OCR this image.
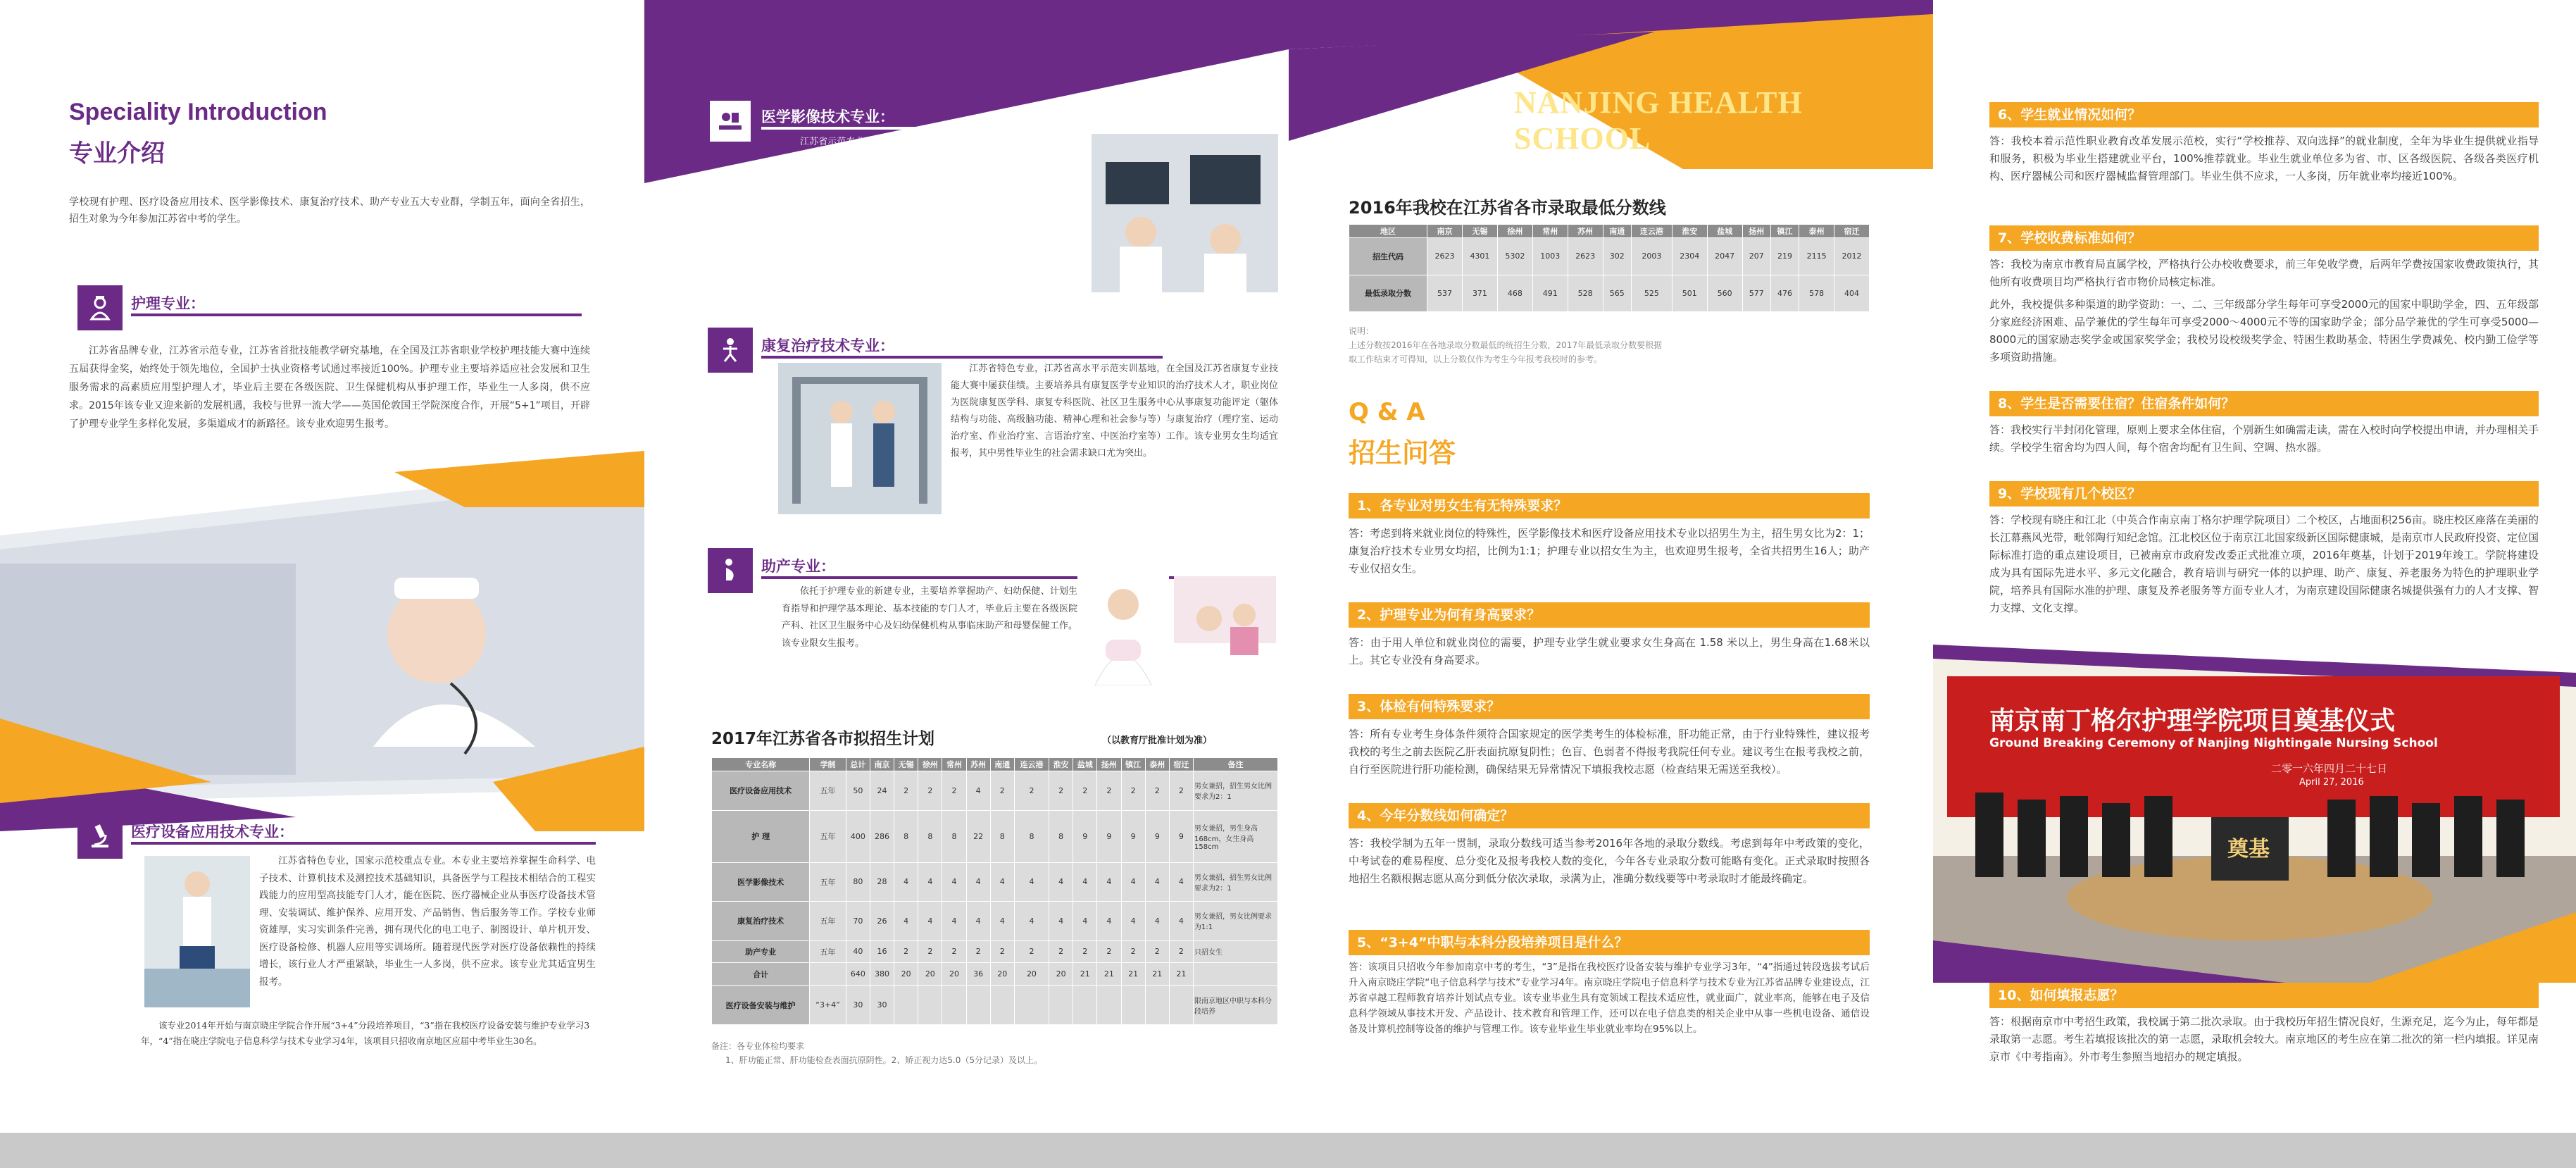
Speciality Introduction
专业介绍
学校现有护理、医疗设备应用技术、医学影像技术、康复治疗技术、助产专业五大专业群，学制五年，面向全省招生，招生对象为今年参加江苏省中考的学生。
护理专业：
江苏省品牌专业，江苏省示范专业，江苏省首批技能教学研究基地，在全国及江苏省职业学校护理技能大赛中连续五届获得金奖，始终处于领先地位，全国护士执业资格考试通过率接近100%。护理专业主要培养适应社会发展和卫生服务需求的高素质应用型护理人才，毕业后主要在各级医院、卫生保健机构从事护理工作，毕业生一人多岗，供不应求。2015年该专业又迎来新的发展机遇，我校与世界一流大学——英国伦敦国王学院深度合作，开展“5+1”项目，开辟了护理专业学生多样化发展，多渠道成才的新路径。该专业欢迎男生报考。
医疗设备应用技术专业：
江苏省特色专业，国家示范校重点专业。本专业主要培养掌握生命科学、电子技术、计算机技术及测控技术基础知识，具备医学与工程技术相结合的工程实践能力的应用型高技能专门人才，能在医院、医疗器械企业从事医疗设备技术管理、安装调试、维护保养、应用开发、产品销售、售后服务等工作。学校专业师资雄厚，实习实训条件完善，拥有现代化的电工电子、制图设计、单片机开发、医疗设备检修、机器人应用等实训场所。随着现代医学对医疗设备依赖性的持续增长，该行业人才严重紧缺，毕业生一人多岗，供不应求。该专业尤其适宜男生报考。
该专业2014年开始与南京晓庄学院合作开展“3+4”分段培养项目，“3”指在我校医疗设备安装与维护专业学习3年，“4”指在晓庄学院电子信息科学与技术专业学习4年，该项目只招收南京地区应届中考毕业生30名。
医学影像技术专业：
江苏省示范专业，江苏省特色专业，在全国及江苏省医学影像专业技能大赛中屡获佳绩。主要培养具有医学影像技术专业知识的卫生技术人才。职业岗位为医院影像科（放射科、CT室等）从事医学影像的形成与处理工作，影像设备（如X线机、CT装置、磁共振装置等）操作及维护管理工作；医院放疗科从事放射治疗技术工作；医疗器械公司从事医疗设备技术咨询、营销维护等技术工作。该专业尤其适宜男生报考。
康复治疗技术专业：
江苏省特色专业，江苏省高水平示范实训基地，在全国及江苏省康复专业技能大赛中屡获佳绩。主要培养具有康复医学专业知识的治疗技术人才，职业岗位为医院康复医学科、康复专科医院、社区卫生服务中心从事康复功能评定（躯体结构与功能、高级脑功能、精神心理和社会参与等）与康复治疗（理疗室、运动治疗室、作业治疗室、言语治疗室、中医治疗室等）工作。该专业男女生均适宜报考，其中男性毕业生的社会需求缺口尤为突出。
助产专业：
依托于护理专业的新建专业，主要培养掌握助产、妇幼保健、计划生育指导和护理学基本理论、基本技能的专门人才，毕业后主要在各级医院产科、社区卫生服务中心及妇幼保健机构从事临床助产和母婴保健工作。该专业限女生报考。
2017年江苏省各市拟招生计划	（以教育厅批准计划为准）
专业名称	学制	总计	南京	无锡	徐州	常州	苏州	南通	连云港	淮安	盐城	扬州	镇江	泰州	宿迁	备注
医疗设备应用技术	五年	50	24	2	2	2	4	2	2	2	2	2	2	2	2	男女兼招，招生男女比例要求为2：1
护 理	五年	400	286	8	8	8	22	8	8	8	9	9	9	9	9	男女兼招，男生身高168cm，女生身高158cm
医学影像技术	五年	80	28	4	4	4	4	4	4	4	4	4	4	4	4	男女兼招，招生男女比例要求为2：1
康复治疗技术	五年	70	26	4	4	4	4	4	4	4	4	4	4	4	4	男女兼招，男女比例要求为1:1
助产专业	五年	40	16	2	2	2	2	2	2	2	2	2	2	2	2	只招女生
合计		640	380	20	20	20	36	20	20	20	21	21	21	21	21	
医疗设备安装与维护	“3+4”	30	30													限南京地区中职与本科分段培养
备注：各专业体检均要求
1、肝功能正常、肝功能检查表面抗原阴性。2、矫正视力达5.0（5分记录）及以上。
NANJING HEALTH SCHOOL
2016年我校在江苏省各市录取最低分数线
地区	南京	无锡	徐州	常州	苏州	南通	连云港	淮安	盐城	扬州	镇江	泰州	宿迁
招生代码	2623	4301	5302	1003	2623	302	2003	2304	2047	207	219	2115	2012
最低录取分数	537	371	468	491	528	565	525	501	560	577	476	578	404
说明：
上述分数按2016年在各地录取分数最低的统招生分数，2017年最低录取分数要根据
取工作结束才可得知，以上分数仅作为考生今年报考我校时的参考。
Q & A
招生问答
1、各专业对男女生有无特殊要求？
答：考虑到将来就业岗位的特殊性，医学影像技术和医疗设备应用技术专业以招男生为主，招生男女比为2：1；康复治疗技术专业男女均招，比例为1:1；护理专业以招女生为主，也欢迎男生报考，全省共招男生16人；助产专业仅招女生。
2、护理专业为何有身高要求？
答：由于用人单位和就业岗位的需要，护理专业学生就业要求女生身高在 1.58 米以上，男生身高在1.68米以上。其它专业没有身高要求。
3、体检有何特殊要求？
答：所有专业考生身体条件须符合国家规定的医学类考生的体检标准，肝功能正常，由于行业特殊性，建议报考我校的考生之前去医院乙肝表面抗原复阴性；色盲、色弱者不得报考我院任何专业。建议考生在报考我校之前，自行至医院进行肝功能检测，确保结果无异常情况下填报我校志愿（检查结果无需送至我校）。
4、今年分数线如何确定？
答：我校学制为五年一贯制，录取分数线可适当参考2016年各地的录取分数线。考虑到每年中考政策的变化，中考试卷的难易程度、总分变化及报考我校人数的变化，今年各专业录取分数可能略有变化。正式录取时按照各地招生名额根据志愿从高分到低分依次录取，录满为止，准确分数线要等中考录取时才能最终确定。
5、“3+4”中职与本科分段培养项目是什么？
答：该项目只招收今年参加南京中考的考生，“3”是指在我校医疗设备安装与维护专业学习3年，“4”指通过转段选拔考试后升入南京晓庄学院“电子信息科学与技术”专业学习4年。南京晓庄学院电子信息科学与技术专业为江苏省品牌专业建设点，江苏省卓越工程师教育培养计划试点专业。该专业毕业生具有宽领域工程技术适应性，就业面广，就业率高，能够在电子及信息科学领域从事技术开发、产品设计、技术教育和管理工作，还可以在电子信息类的相关企业中从事一些机电设备、通信设备及计算机控制等设备的维护与管理工作。该专业毕业生毕业就业率均在95%以上。
6、学生就业情况如何？
答：我校本着示范性职业教育改革发展示范校，实行“学校推荐、双向选择”的就业制度，全年为毕业生提供就业指导和服务，积极为毕业生搭建就业平台，100%推荐就业。毕业生就业单位多为省、市、区各级医院、各级各类医疗机构、医疗器械公司和医疗器械监督管理部门。毕业生供不应求，一人多岗，历年就业率均接近100%。
7、学校收费标准如何？
答：我校为南京市教育局直属学校，严格执行公办校收费要求，前三年免收学费，后两年学费按国家收费政策执行，其他所有收费项目均严格执行省市物价局核定标准。
此外，我校提供多种渠道的助学资助：一、二、三年级部分学生每年可享受2000元的国家中职助学金，四、五年级部分家庭经济困难、品学兼优的学生每年可享受2000～4000元不等的国家助学金；部分品学兼优的学生可享受5000—8000元的国家励志奖学金或国家奖学金；我校另设校级奖学金、特困生救助基金、特困生学费减免、校内勤工俭学等多项资助措施。
8、学生是否需要住宿？住宿条件如何？
答：我校实行半封闭化管理，原则上要求全体住宿，个别新生如确需走读，需在入校时向学校提出申请，并办理相关手续。学校学生宿舍均为四人间，每个宿舍均配有卫生间、空调、热水器。
9、学校现有几个校区？
答：学校现有晓庄和江北（中英合作南京南丁格尔护理学院项目）二个校区，占地面积256亩。晓庄校区座落在美丽的长江幕燕风光带，毗邻陶行知纪念馆。江北校区位于南京江北国家级新区国际健康城，是南京市人民政府投资、定位国际标准打造的重点建设项目，已被南京市政府发改委正式批准立项，2016年奠基，计划于2019年竣工。学院将建设成为具有国际先进水平、多元文化融合，教育培训与研究一体的以护理、助产、康复、养老服务为特色的护理职业学院，培养具有国际水准的护理、康复及养老服务等方面专业人才，为南京建设国际健康名城提供强有力的人才支撑、智力支撑、文化支撑。
南京南丁格尔护理学院项目奠基仪式
Ground Breaking Ceremony of Nanjing Nightingale Nursing School
二零一六年四月二十七日
April 27, 2016
奠基
10、如何填报志愿？
答：根据南京市中考招生政策，我校属于第二批次录取。由于我校历年招生情况良好，生源充足，迄今为止，每年都是录取第一志愿。考生若填报该批次的第一志愿，录取机会较大。南京地区的考生应在第二批次的第一栏内填报。详见南京市《中考指南》。外市考生参照当地招办的规定填报。
